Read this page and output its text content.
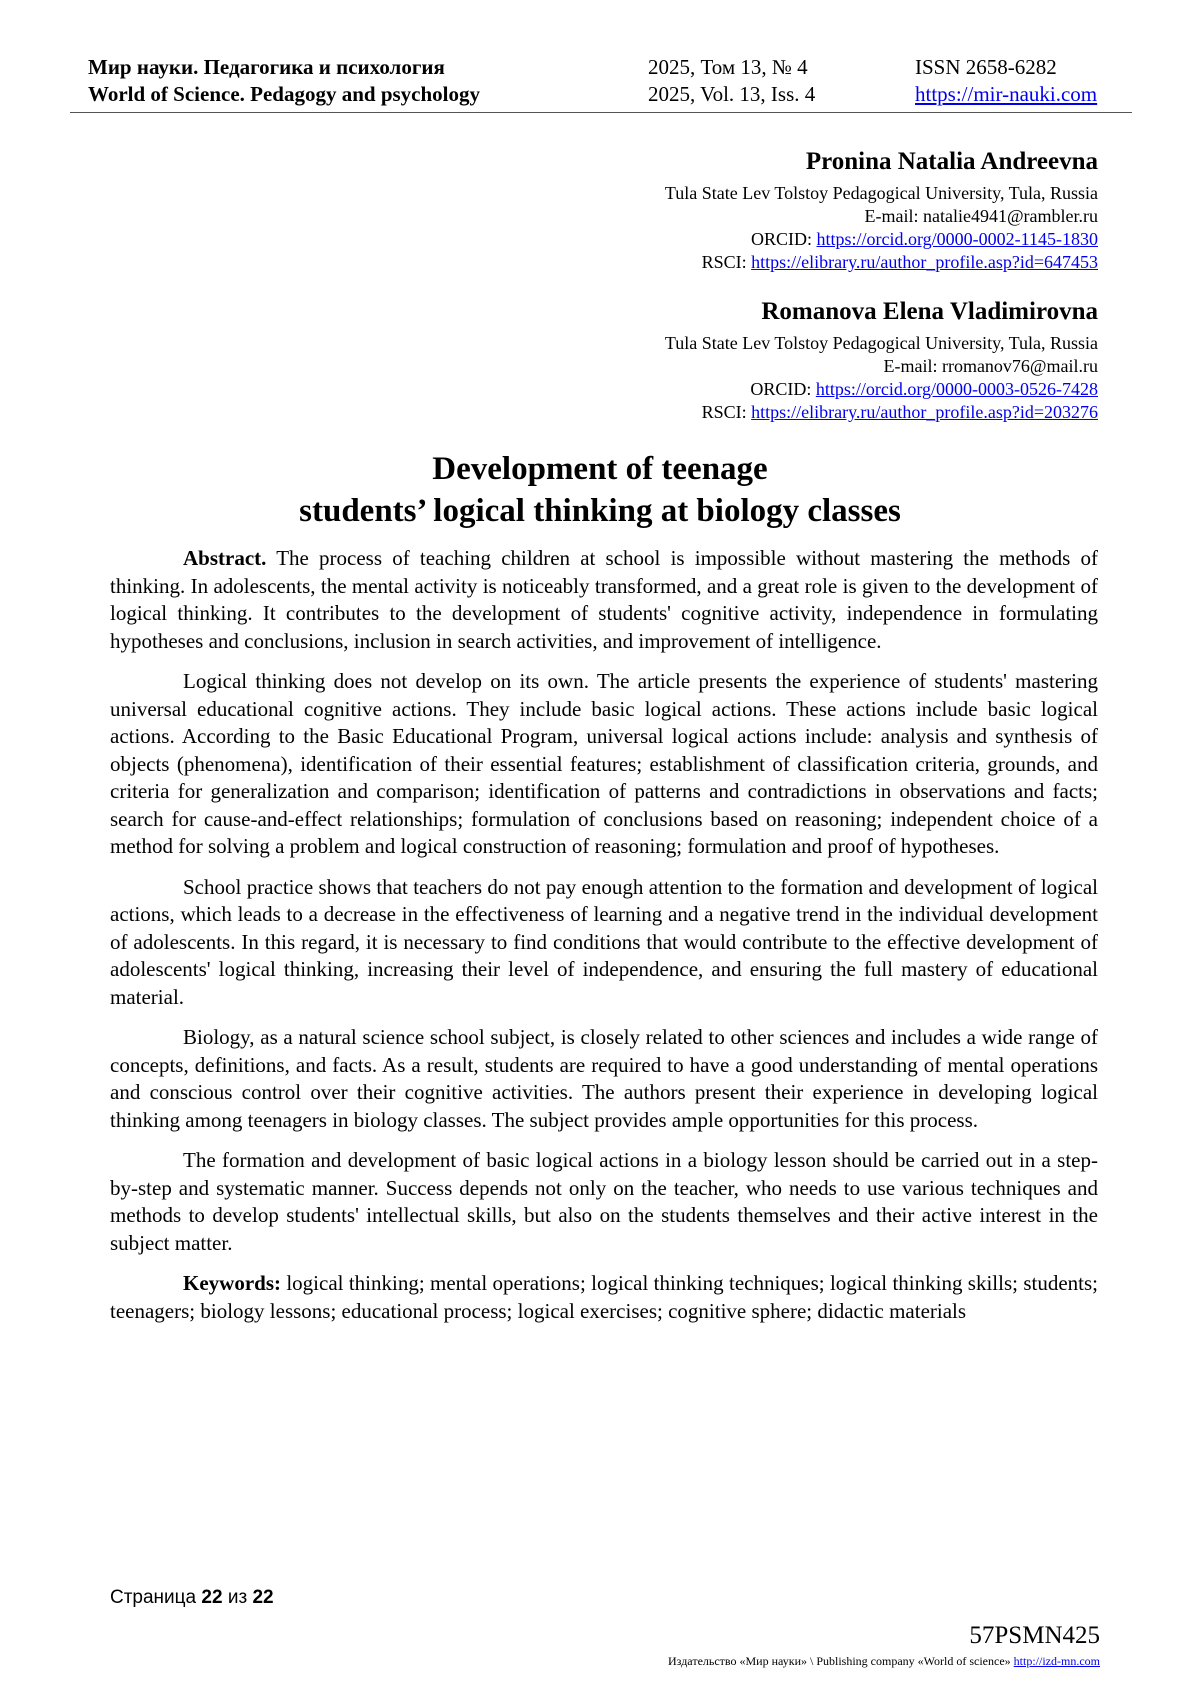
Мир науки. Педагогика и психология
World of Science. Pedagogy and psychology
2025, Том 13, № 4
2025, Vol. 13, Iss. 4
ISSN 2658-6282
https://mir-nauki.com
Pronina Natalia Andreevna
Tula State Lev Tolstoy Pedagogical University, Tula, Russia
E-mail: natalie4941@rambler.ru
ORCID: https://orcid.org/0000-0002-1145-1830
RSCI: https://elibrary.ru/author_profile.asp?id=647453
Romanova Elena Vladimirovna
Tula State Lev Tolstoy Pedagogical University, Tula, Russia
E-mail: rromanov76@mail.ru
ORCID: https://orcid.org/0000-0003-0526-7428
RSCI: https://elibrary.ru/author_profile.asp?id=203276
Development of teenage
students’ logical thinking at biology classes

Abstract. The process of teaching children at school is impossible without mastering the methods of thinking. In adolescents, the mental activity is noticeably transformed, and a great role is given to the development of logical thinking. It contributes to the development of students' cognitive activity, independence in formulating hypotheses and conclusions, inclusion in search activities, and improvement of intelligence.

Logical thinking does not develop on its own. The article presents the experience of students' mastering universal educational cognitive actions. They include basic logical actions. These actions include basic logical actions. According to the Basic Educational Program, universal logical actions include: analysis and synthesis of objects (phenomena), identification of their essential features; establishment of classification criteria, grounds, and criteria for generalization and comparison; identification of patterns and contradictions in observations and facts; search for cause-and-effect relationships; formulation of conclusions based on reasoning; independent choice of a method for solving a problem and logical construction of reasoning; formulation and proof of hypotheses.

School practice shows that teachers do not pay enough attention to the formation and development of logical actions, which leads to a decrease in the effectiveness of learning and a negative trend in the individual development of adolescents. In this regard, it is necessary to find conditions that would contribute to the effective development of adolescents' logical thinking, increasing their level of independence, and ensuring the full mastery of educational material.

Biology, as a natural science school subject, is closely related to other sciences and includes a wide range of concepts, definitions, and facts. As a result, students are required to have a good understanding of mental operations and conscious control over their cognitive activities. The authors present their experience in developing logical thinking among teenagers in biology classes. The subject provides ample opportunities for this process.

The formation and development of basic logical actions in a biology lesson should be carried out in a step-by-step and systematic manner. Success depends not only on the teacher, who needs to use various techniques and methods to develop students' intellectual skills, but also on the students themselves and their active interest in the subject matter.

Keywords: logical thinking; mental operations; logical thinking techniques; logical thinking skills; students; teenagers; biology lessons; educational process; logical exercises; cognitive sphere; didactic materials

Страница 22 из 22
57PSMN425
Издательство «Мир науки» \ Publishing company «World of science» http://izd-mn.com
